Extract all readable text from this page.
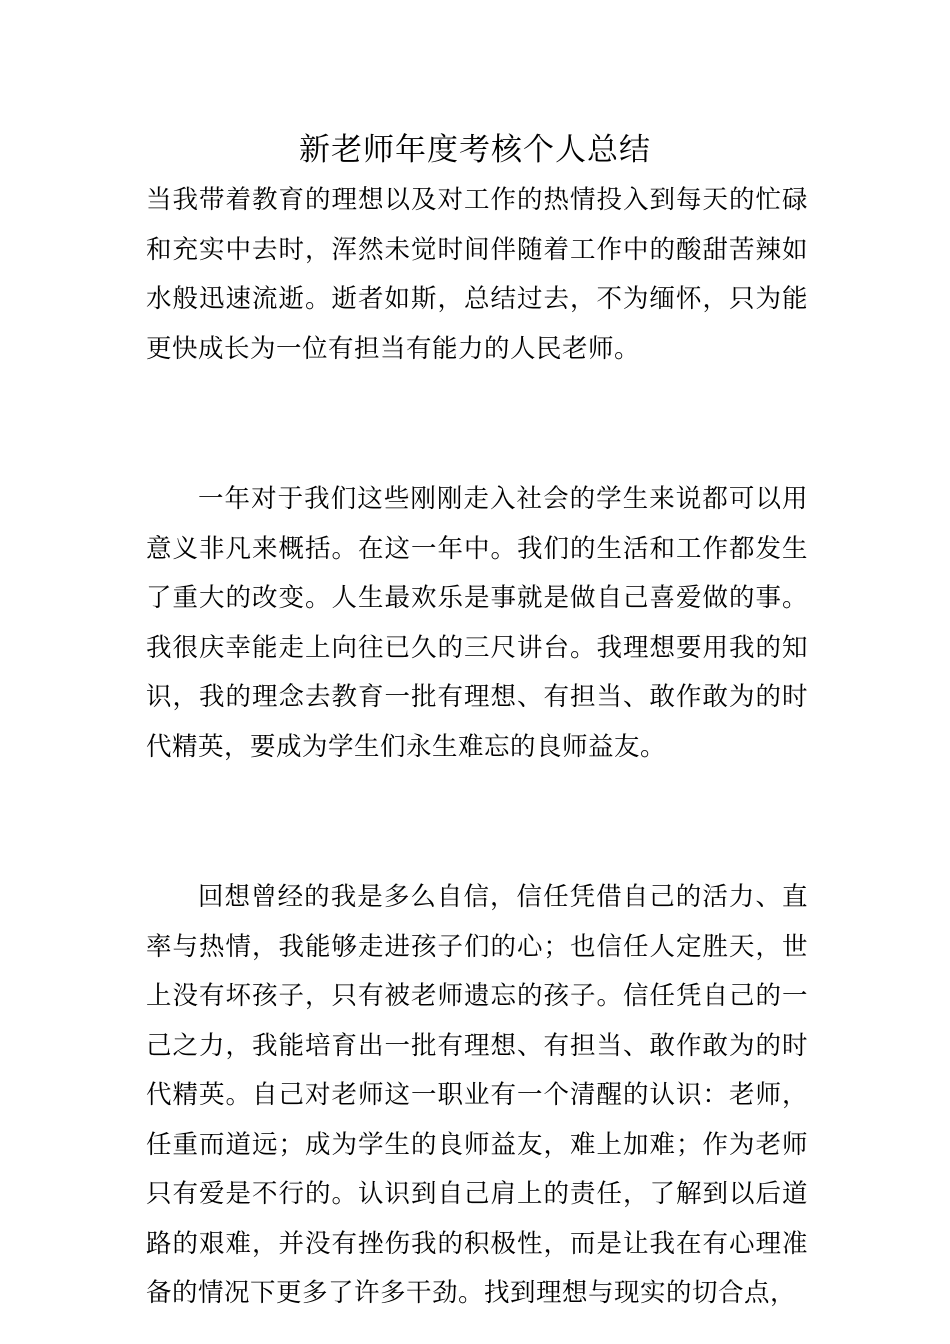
新老师年度考核个人总结

当我带着教育的理想以及对工作的热情投入到每天的忙碌和充实中去时，浑然未觉时间伴随着工作中的酸甜苦辣如水般迅速流逝。逝者如斯，总结过去，不为缅怀，只为能更快成长为一位有担当有能力的人民老师。

一年对于我们这些刚刚走入社会的学生来说都可以用意义非凡来概括。在这一年中。我们的生活和工作都发生了重大的改变。人生最欢乐是事就是做自己喜爱做的事。我很庆幸能走上向往已久的三尺讲台。我理想要用我的知识，我的理念去教育一批有理想、有担当、敢作敢为的时代精英，要成为学生们永生难忘的良师益友。

回想曾经的我是多么自信，信任凭借自己的活力、直率与热情，我能够走进孩子们的心；也信任人定胜天，世上没有坏孩子，只有被老师遗忘的孩子。信任凭自己的一己之力，我能培育出一批有理想、有担当、敢作敢为的时代精英。自己对老师这一职业有一个清醒的认识：老师，任重而道远；成为学生的良师益友，难上加难；作为老师只有爱是不行的。认识到自己肩上的责任，了解到以后道路的艰难，并没有挫伤我的积极性，而是让我在有心理准备的情况下更多了许多干劲。找到理想与现实的切合点，
